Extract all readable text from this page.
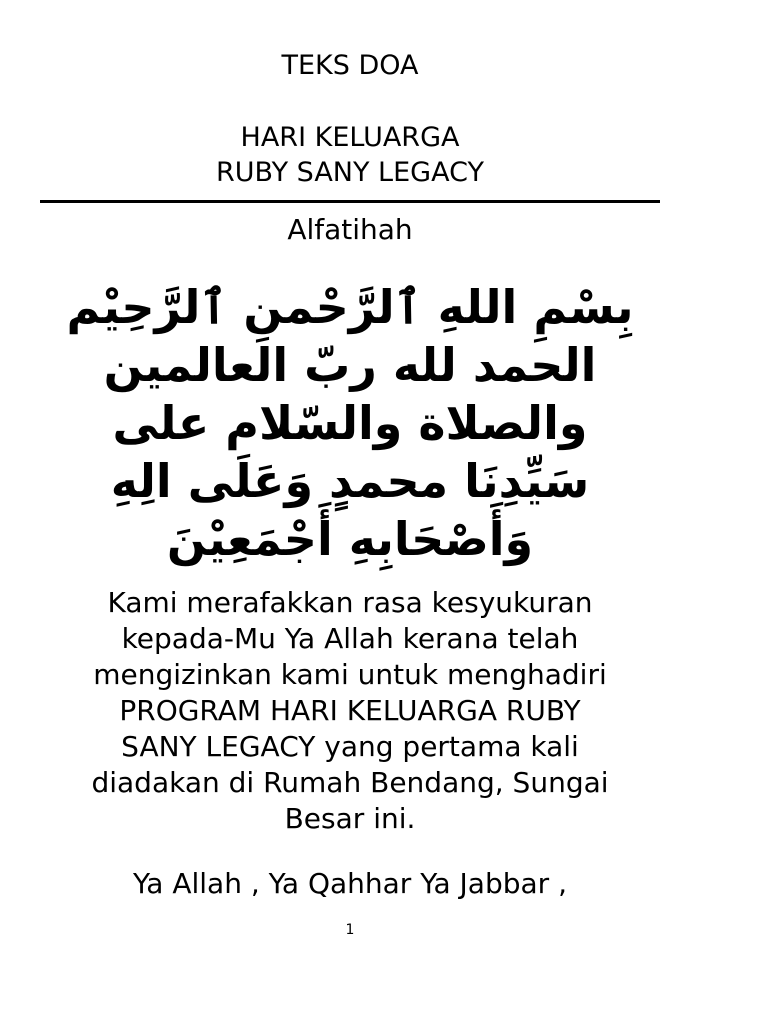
TEKS DOA
HARI KELUARGA
RUBY SANY LEGACY
Alfatihah
بِسْمِ اللهِ ٱلرَّحْمنِ ٱلرَّحِيْم
الحمد لله ربّ العالمين
والصلاة والسّلام على
سَيِّدِنَا محمدٍ وَعَلَى الِهِ
وَأَصْحَابِهِ أَجْمَعِيْنَ
Kami merafakkan rasa kesyukuran
kepada-Mu Ya Allah kerana telah
mengizinkan kami untuk menghadiri
PROGRAM HARI KELUARGA RUBY
SANY LEGACY yang pertama kali
diadakan di Rumah Bendang, Sungai
Besar ini.
Ya Allah , Ya Qahhar Ya Jabbar ,
1
